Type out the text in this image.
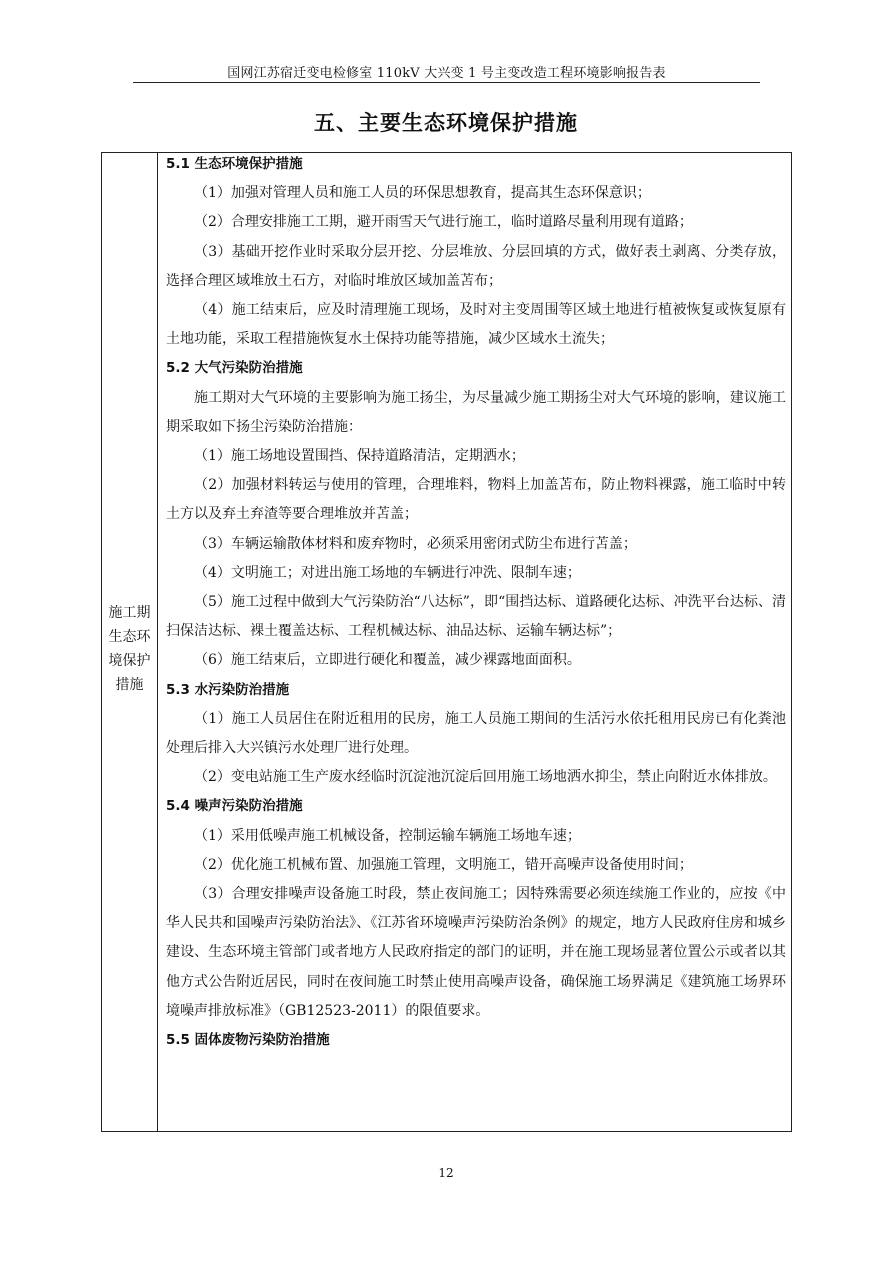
国网江苏宿迁变电检修室 110kV 大兴变 1 号主变改造工程环境影响报告表
五、主要生态环境保护措施
施工期
生态环
境保护
措施

5.1 生态环境保护措施

（1）加强对管理人员和施工人员的环保思想教育，提高其生态环保意识；

（2）合理安排施工工期，避开雨雪天气进行施工，临时道路尽量利用现有道路；

（3）基础开挖作业时采取分层开挖、分层堆放、分层回填的方式，做好表土剥离、分类存放，选择合理区域堆放土石方，对临时堆放区域加盖苫布；

（4）施工结束后，应及时清理施工现场，及时对主变周围等区域土地进行植被恢复或恢复原有土地功能，采取工程措施恢复水土保持功能等措施，减少区域水土流失；

5.2 大气污染防治措施

施工期对大气环境的主要影响为施工扬尘，为尽量减少施工期扬尘对大气环境的影响，建议施工期采取如下扬尘污染防治措施：

（1）施工场地设置围挡、保持道路清洁，定期洒水；

（2）加强材料转运与使用的管理，合理堆料，物料上加盖苫布，防止物料裸露，施工临时中转土方以及弃土弃渣等要合理堆放并苫盖；

（3）车辆运输散体材料和废弃物时，必须采用密闭式防尘布进行苫盖；

（4）文明施工；对进出施工场地的车辆进行冲洗、限制车速；

（5）施工过程中做到大气污染防治“八达标”，即“围挡达标、道路硬化达标、冲洗平台达标、清扫保洁达标、裸土覆盖达标、工程机械达标、油品达标、运输车辆达标”；

（6）施工结束后，立即进行硬化和覆盖，减少裸露地面面积。

5.3 水污染防治措施

（1）施工人员居住在附近租用的民房，施工人员施工期间的生活污水依托租用民房已有化粪池处理后排入大兴镇污水处理厂进行处理。

（2）变电站施工生产废水经临时沉淀池沉淀后回用施工场地洒水抑尘，禁止向附近水体排放。

5.4 噪声污染防治措施

（1）采用低噪声施工机械设备，控制运输车辆施工场地车速；

（2）优化施工机械布置、加强施工管理，文明施工，错开高噪声设备使用时间；

（3）合理安排噪声设备施工时段，禁止夜间施工；因特殊需要必须连续施工作业的，应按《中华人民共和国噪声污染防治法》、《江苏省环境噪声污染防治条例》的规定，地方人民政府住房和城乡建设、生态环境主管部门或者地方人民政府指定的部门的证明，并在施工现场显著位置公示或者以其他方式公告附近居民，同时在夜间施工时禁止使用高噪声设备，确保施工场界满足《建筑施工场界环境噪声排放标准》（GB12523-2011）的限值要求。

5.5 固体废物污染防治措施

12
